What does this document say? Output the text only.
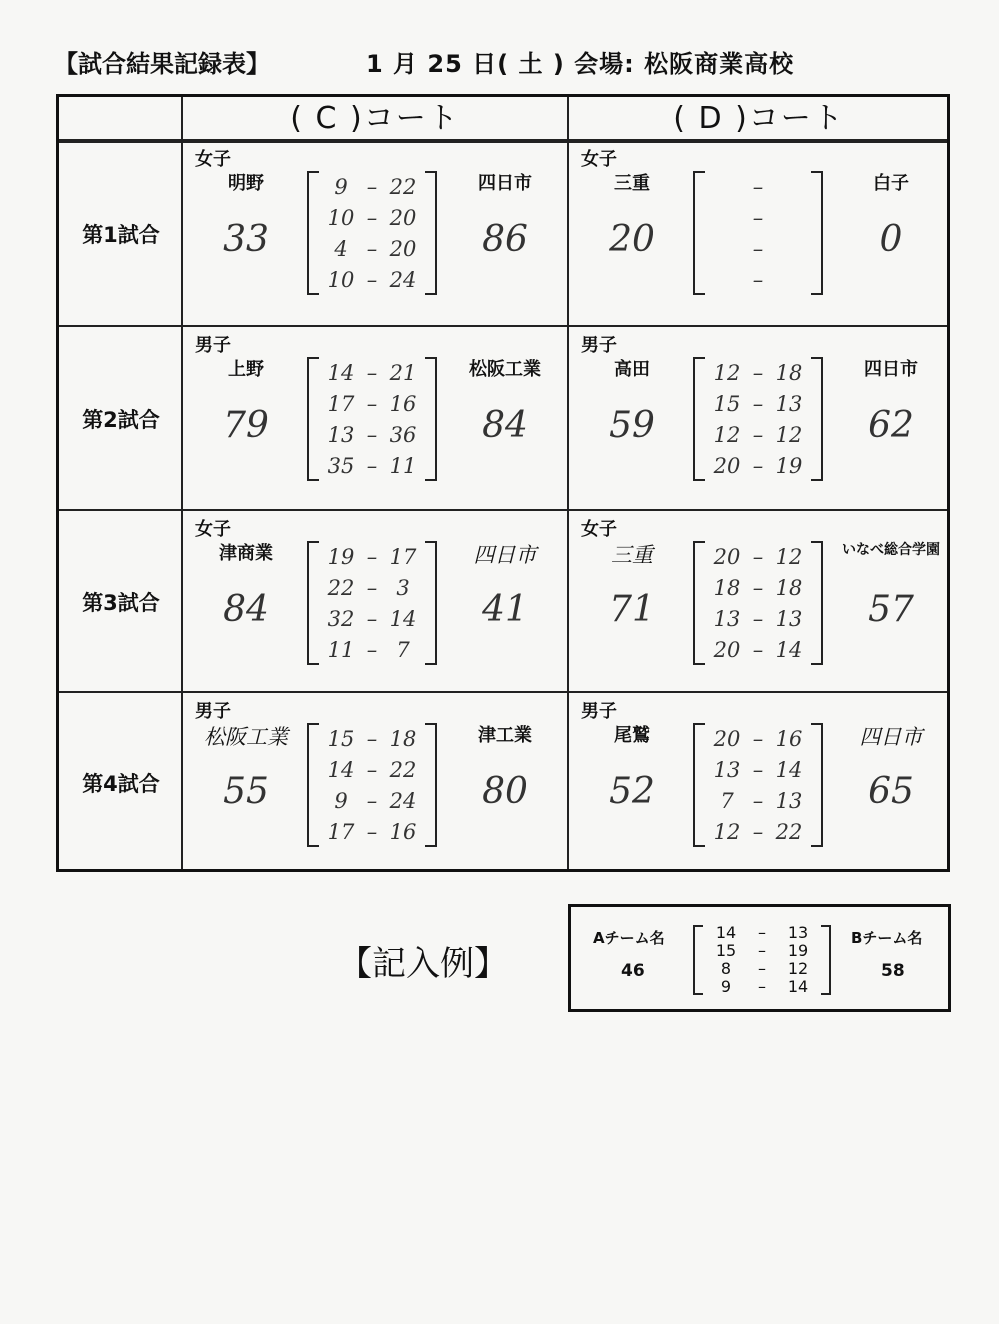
【試合結果記録表】	1 月 25 日( 土 ) 会場: 松阪商業高校
( C )コート	( D )コート
第1試合
女子
明野	四日市
33	86
9 – 22
10 – 20
4 – 20
10 – 24
女子
三重	白子
20	0
–
–
–
–
第2試合
男子
上野	松阪工業
79	84
14 – 21
17 – 16
13 – 36
35 – 11
男子
高田	四日市
59	62
12 – 18
15 – 13
12 – 12
20 – 19
第3試合
女子
津商業	四日市
84	41
19 – 17
22 – 3
32 – 14
11 – 7
女子
三重	いなべ総合学園
71	57
20 – 12
18 – 18
13 – 13
20 – 14
第4試合
男子
松阪工業	津工業
55	80
15 – 18
14 – 22
9 – 24
17 – 16
男子
尾鷲	四日市
52	65
20 – 16
13 – 14
7 – 13
12 – 22
【記入例】
Aチーム名	Bチーム名
46	58
14	–	13
15	–	19
8	–	12
9	–	14
